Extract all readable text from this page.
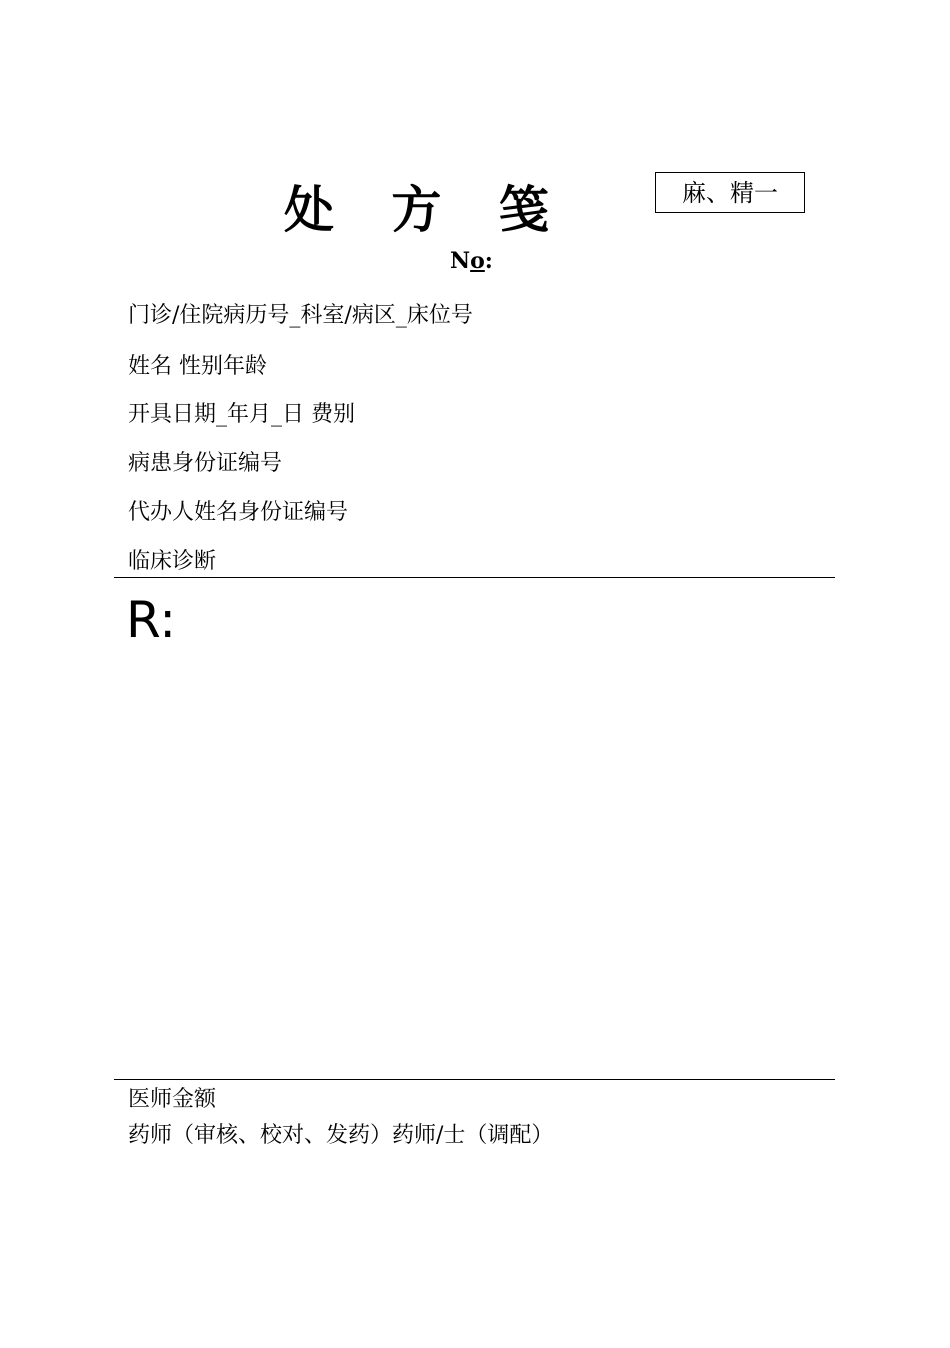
处 方 笺	麻、精一
No:
门诊/住院病历号_科室/病区_床位号
姓名 性别年龄
开具日期_年月_日 费别
病患身份证编号
代办人姓名身份证编号
临床诊断
R:
医师金额
药师（审核、校对、发药）药师/士（调配）
